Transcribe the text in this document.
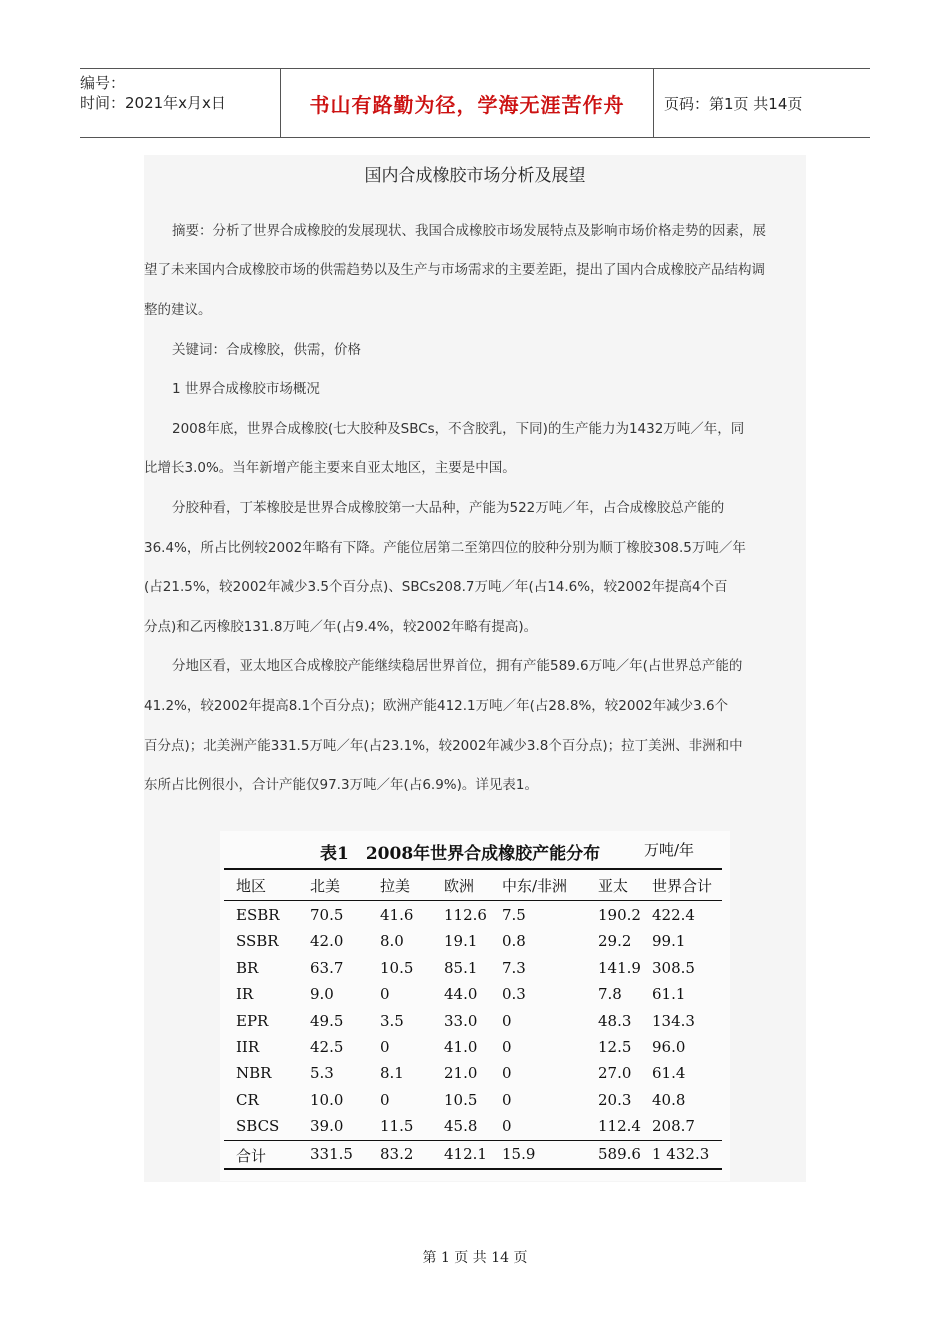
编号：
时间：2021年x月x日	书山有路勤为径，学海无涯苦作舟	页码：第1页 共14页
国内合成橡胶市场分析及展望
摘要：分析了世界合成橡胶的发展现状、我国合成橡胶市场发展特点及影响市场价格走势的因素，展
望了未来国内合成橡胶市场的供需趋势以及生产与市场需求的主要差距，提出了国内合成橡胶产品结构调
整的建议。
关键词：合成橡胶，供需，价格
1 世界合成橡胶市场概况
2008年底，世界合成橡胶(七大胶种及SBCs，不含胶乳，下同)的生产能力为1432万吨／年，同
比增长3.0%。当年新增产能主要来自亚太地区，主要是中国。
分胶种看，丁苯橡胶是世界合成橡胶第一大品种，产能为522万吨／年，占合成橡胶总产能的
36.4%，所占比例较2002年略有下降。产能位居第二至第四位的胶种分别为顺丁橡胶308.5万吨／年
(占21.5%，较2002年减少3.5个百分点)、SBCs208.7万吨／年(占14.6%，较2002年提高4个百
分点)和乙丙橡胶131.8万吨／年(占9.4%，较2002年略有提高)。
分地区看，亚太地区合成橡胶产能继续稳居世界首位，拥有产能589.6万吨／年(占世界总产能的
41.2%，较2002年提高8.1个百分点)；欧洲产能412.1万吨／年(占28.8%，较2002年减少3.6个
百分点)；北美洲产能331.5万吨／年(占23.1%，较2002年减少3.8个百分点)；拉丁美洲、非洲和中
东所占比例很小，合计产能仅97.3万吨／年(占6.9%)。详见表1。
表1　2008年世界合成橡胶产能分布	万吨/年
地区	北美	拉美 欧洲 中东/非洲 亚太 世界合计
ESBR 70.5 41.6 112.6 7.5	190.2 422.4
SSBR 42.0 8.0	19.1 0.8	29.2 99.1
BR	63.7 10.5 85.1 7.3	141.9 308.5
IR	9.0	0	44.0 0.3	7.8 61.1
EPR	49.5 3.5	33.0 0	48.3 134.3
IIR	42.5 0	41.0 0	12.5 96.0
NBR	5.3	8.1	21.0 0	27.0 61.4
CR	10.0 0	10.5 0	20.3 40.8
SBCS 39.0 11.5 45.8 0	112.4 208.7
合计	331.5 83.2 412.1 15.9	589.6 1 432.3
第 1 页 共 14 页
